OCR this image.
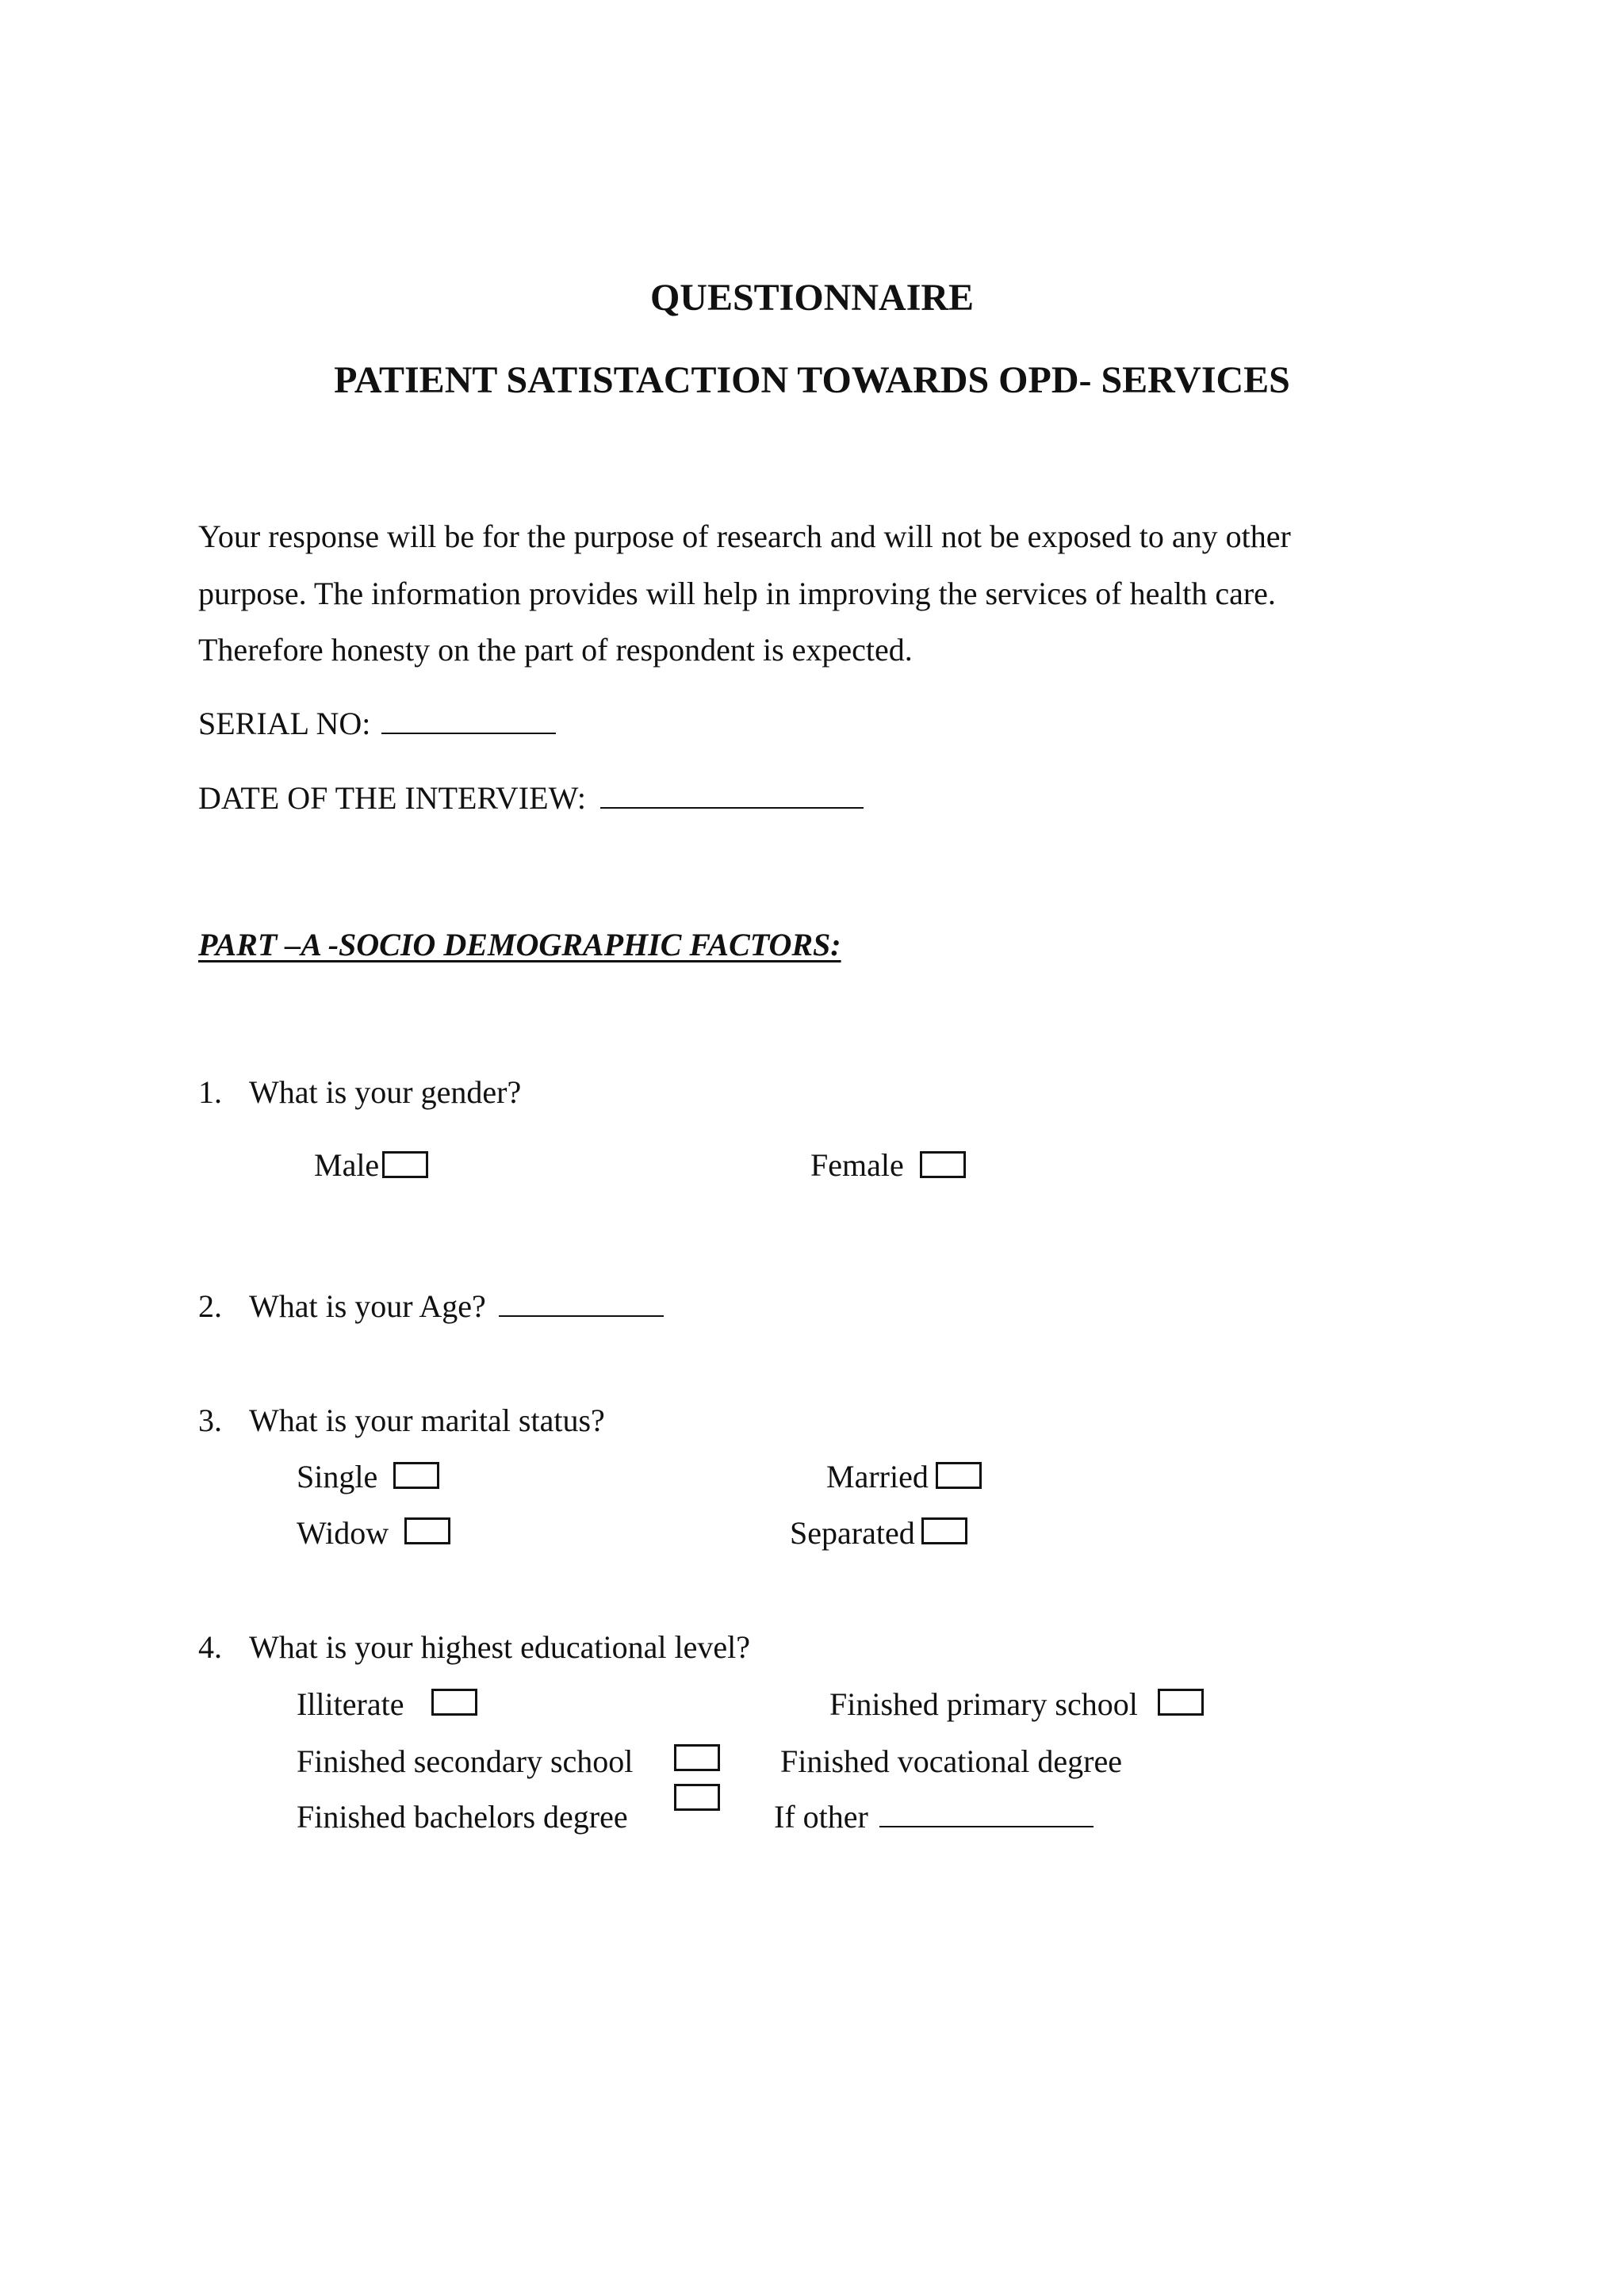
QUESTIONNAIRE
PATIENT SATISTACTION TOWARDS OPD- SERVICES
Your response will be for the purpose of research and will not be exposed to any other
purpose. The information provides will help in improving the services of health care.
Therefore honesty on the part of respondent is expected.
SERIAL NO:
DATE OF THE INTERVIEW:
PART –A -SOCIO DEMOGRAPHIC FACTORS:
1. What is your gender?
Male	Female
2. What is your Age?
3. What is your marital status?
Single	Married
Widow	Separated
4. What is your highest educational level?
Illiterate	Finished primary school
Finished secondary school	Finished vocational degree
Finished bachelors degree	If other
